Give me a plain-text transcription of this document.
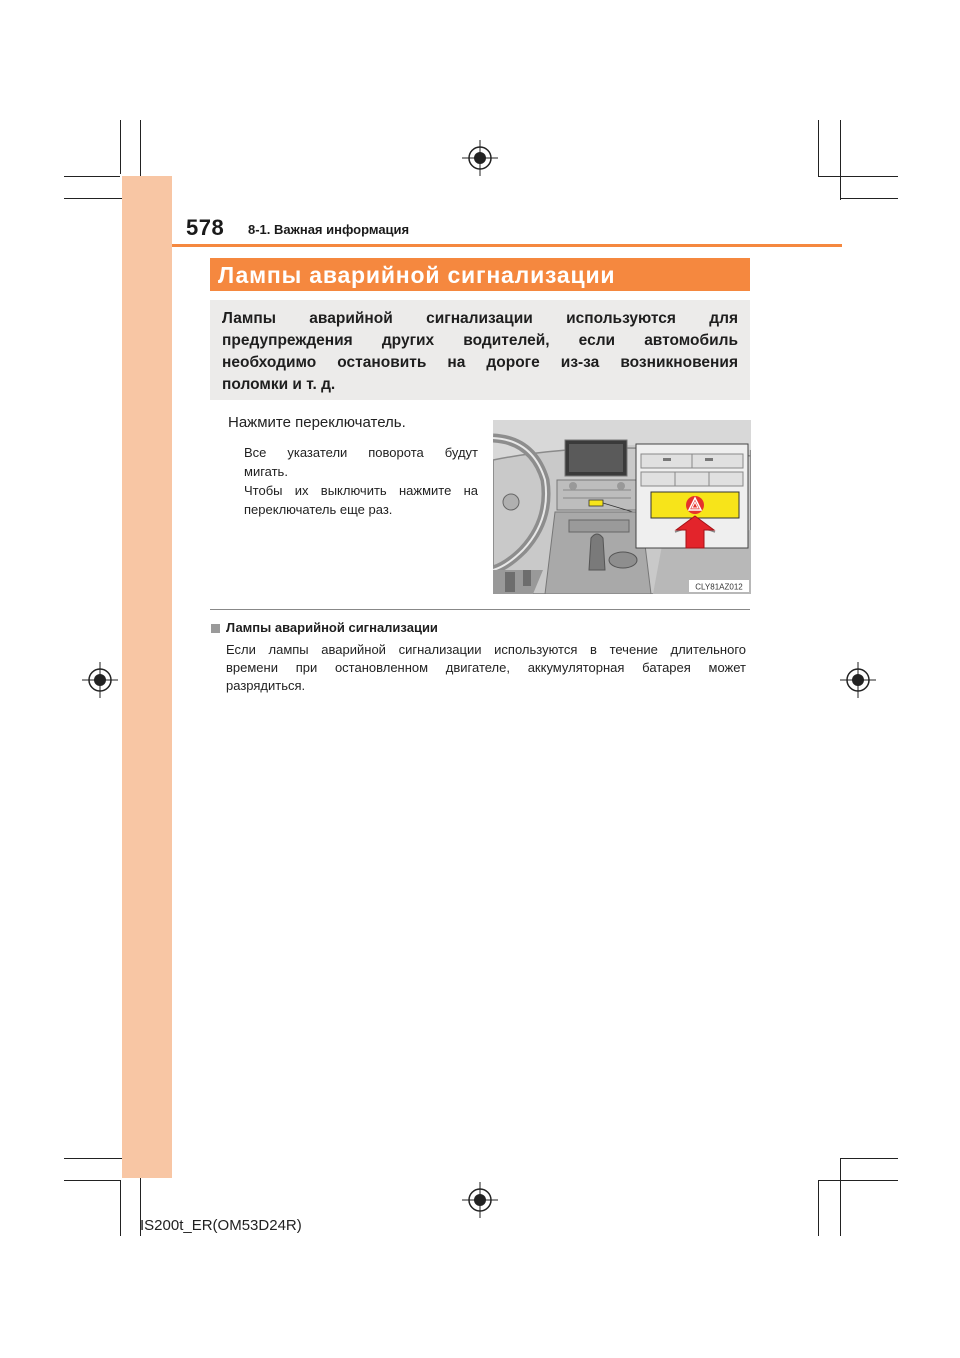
578 8-1. Важная информация
Лампы аварийной сигнализации
Лампы аварийной сигнализации используются для
предупреждения других водителей, если автомобиль
необходимо остановить на дороге из-за возникновения
поломки и т. д.
Нажмите переключатель.
Все указатели поворота будут
мигать.
Чтобы их выключить нажмите на
переключатель еще раз.
CLY81AZ012
Лампы аварийной сигнализации
Если лампы аварийной сигнализации используются в течение длительного
времени при остановленном двигателе, аккумуляторная батарея может
разрядиться.
IS200t_ER(OM53D24R)
